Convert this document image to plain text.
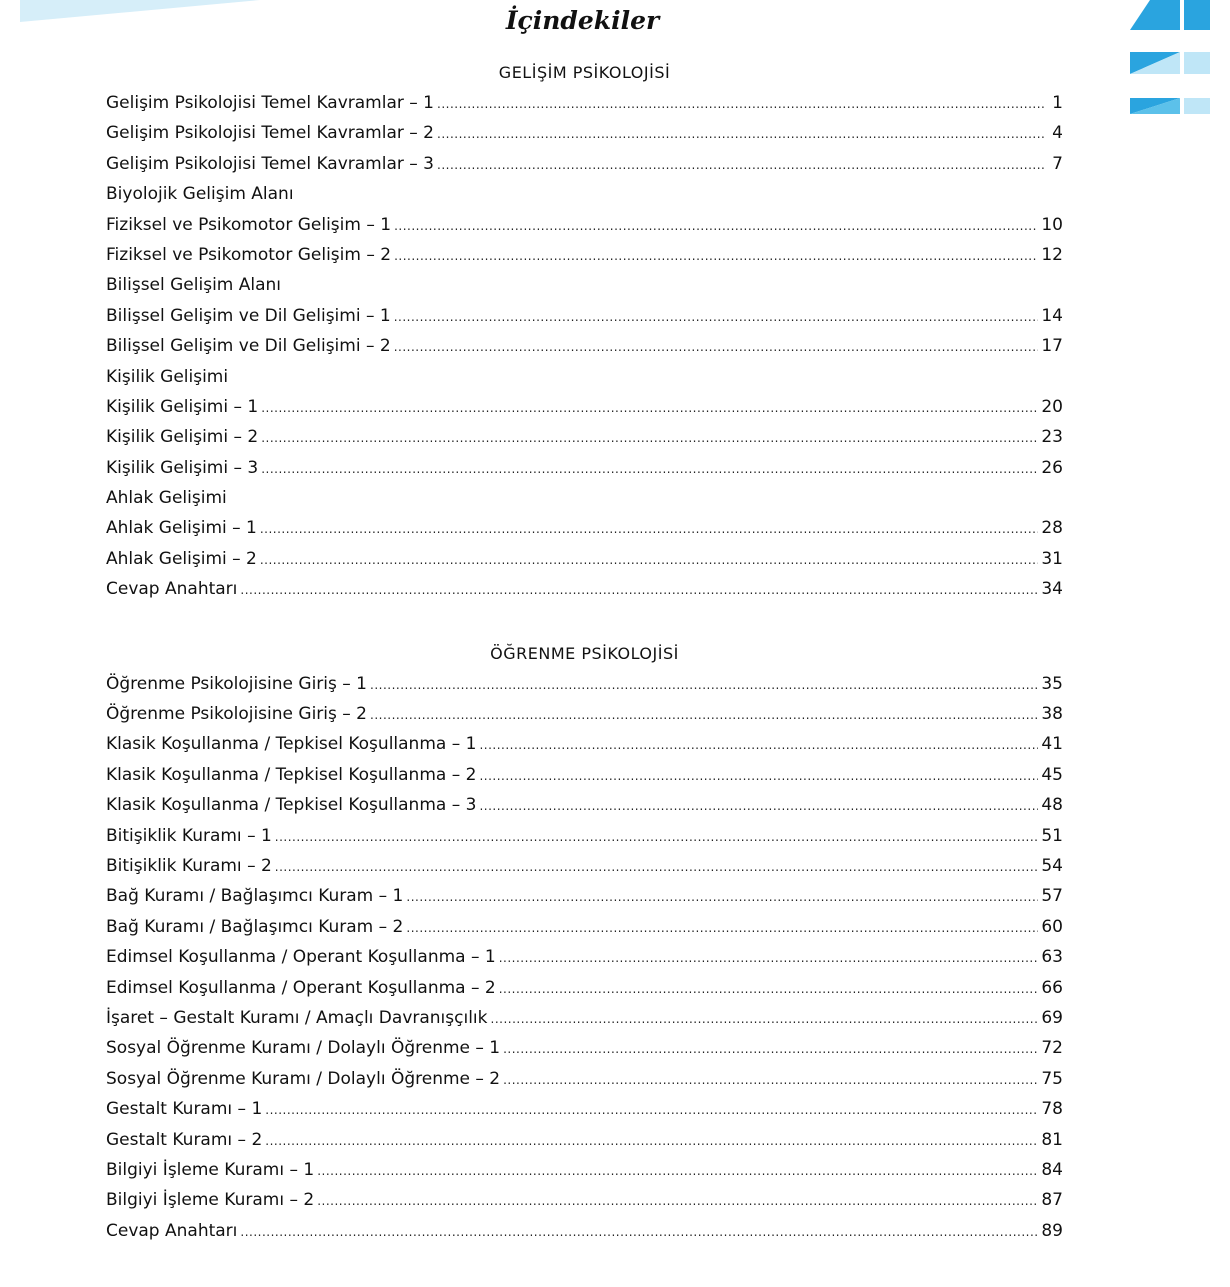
İçindekiler
GELİŞİM PSİKOLOJİSİ
Gelişim Psikolojisi Temel Kavramlar – 1 .....	1
Gelişim Psikolojisi Temel Kavramlar – 2 .....	4
Gelişim Psikolojisi Temel Kavramlar – 3 .....	7
Biyolojik Gelişim Alanı
Fiziksel ve Psikomotor Gelişim – 1 .....	10
Fiziksel ve Psikomotor Gelişim – 2 .....	12
Bilişsel Gelişim Alanı
Bilişsel Gelişim ve Dil Gelişimi – 1 .....	14
Bilişsel Gelişim ve Dil Gelişimi – 2 .....	17
Kişilik Gelişimi
Kişilik Gelişimi – 1 .....	20
Kişilik Gelişimi – 2 .....	23
Kişilik Gelişimi – 3 .....	26
Ahlak Gelişimi
Ahlak Gelişimi – 1 .....	28
Ahlak Gelişimi – 2 .....	31
Cevap Anahtarı .....	34
ÖĞRENME PSİKOLOJİSİ
Öğrenme Psikolojisine Giriş – 1 .....	35
Öğrenme Psikolojisine Giriş – 2 .....	38
Klasik Koşullanma / Tepkisel Koşullanma – 1 .....	41
Klasik Koşullanma / Tepkisel Koşullanma – 2 .....	45
Klasik Koşullanma / Tepkisel Koşullanma – 3 .....	48
Bitişiklik Kuramı – 1 .....	51
Bitişiklik Kuramı – 2 .....	54
Bağ Kuramı / Bağlaşımcı Kuram – 1 .....	57
Bağ Kuramı / Bağlaşımcı Kuram – 2 .....	60
Edimsel Koşullanma / Operant Koşullanma – 1 .....	63
Edimsel Koşullanma / Operant Koşullanma – 2 .....	66
İşaret – Gestalt Kuramı / Amaçlı Davranışçılık .....	69
Sosyal Öğrenme Kuramı / Dolaylı Öğrenme – 1 .....	72
Sosyal Öğrenme Kuramı / Dolaylı Öğrenme – 2 .....	75
Gestalt Kuramı – 1 .....	78
Gestalt Kuramı – 2 .....	81
Bilgiyi İşleme Kuramı – 1 .....	84
Bilgiyi İşleme Kuramı – 2 .....	87
Cevap Anahtarı .....	89
